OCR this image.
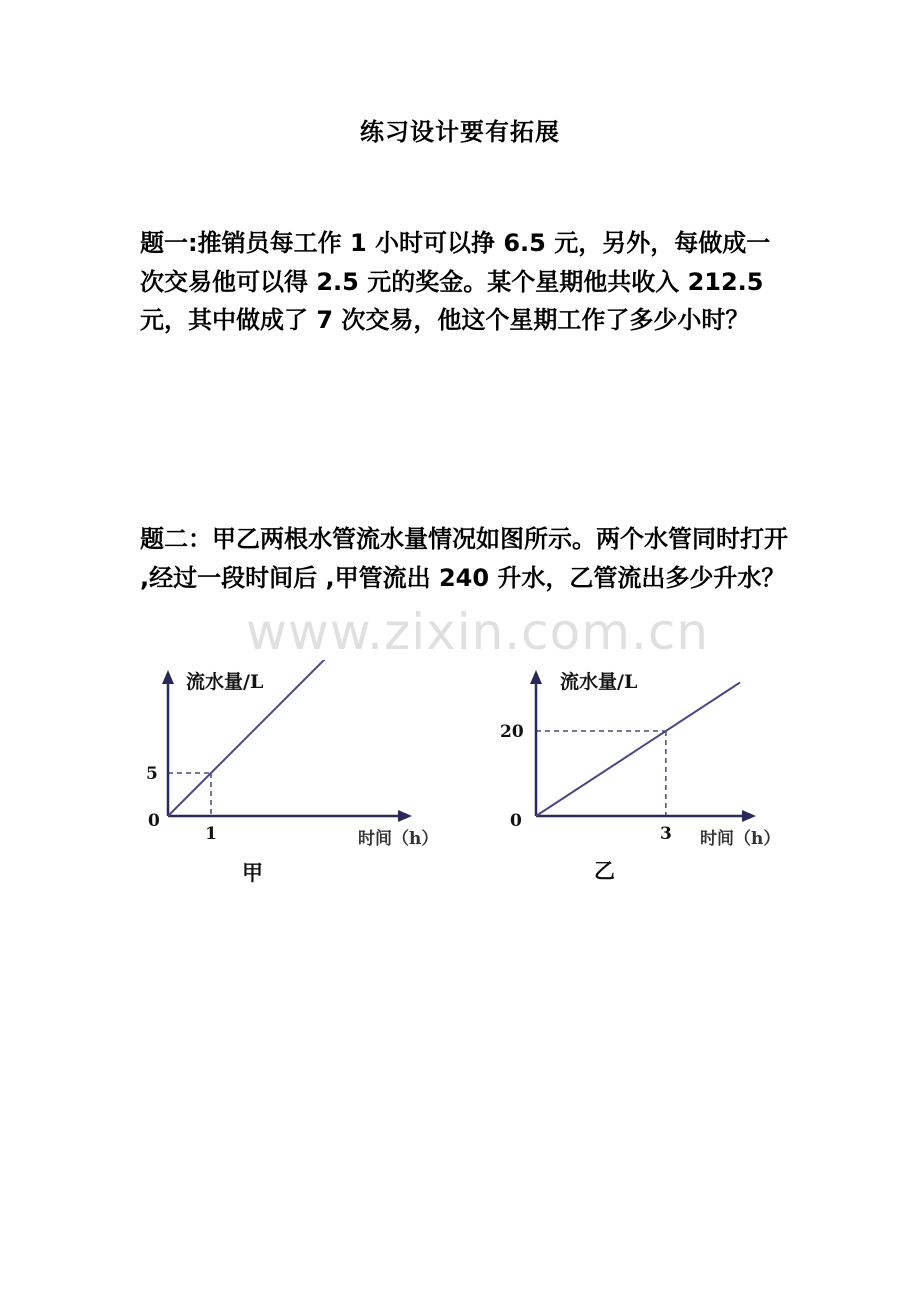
练习设计要有拓展

题一:推销员每工作 1 小时可以挣 6.5 元，另外，每做成一次交易他可以得 2.5 元的奖金。某个星期他共收入 212.5 元，其中做成了 7 次交易，他这个星期工作了多少小时？

题二：甲乙两根水管流水量情况如图所示。两个水管同时打开 ,经过一段时间后 ,甲管流出 240 升水，乙管流出多少升水？

www.zixin.com.cn
流水量/L
0
5
1	时间（h）
甲
流水量/L
0
20
3 时间（h）
乙
